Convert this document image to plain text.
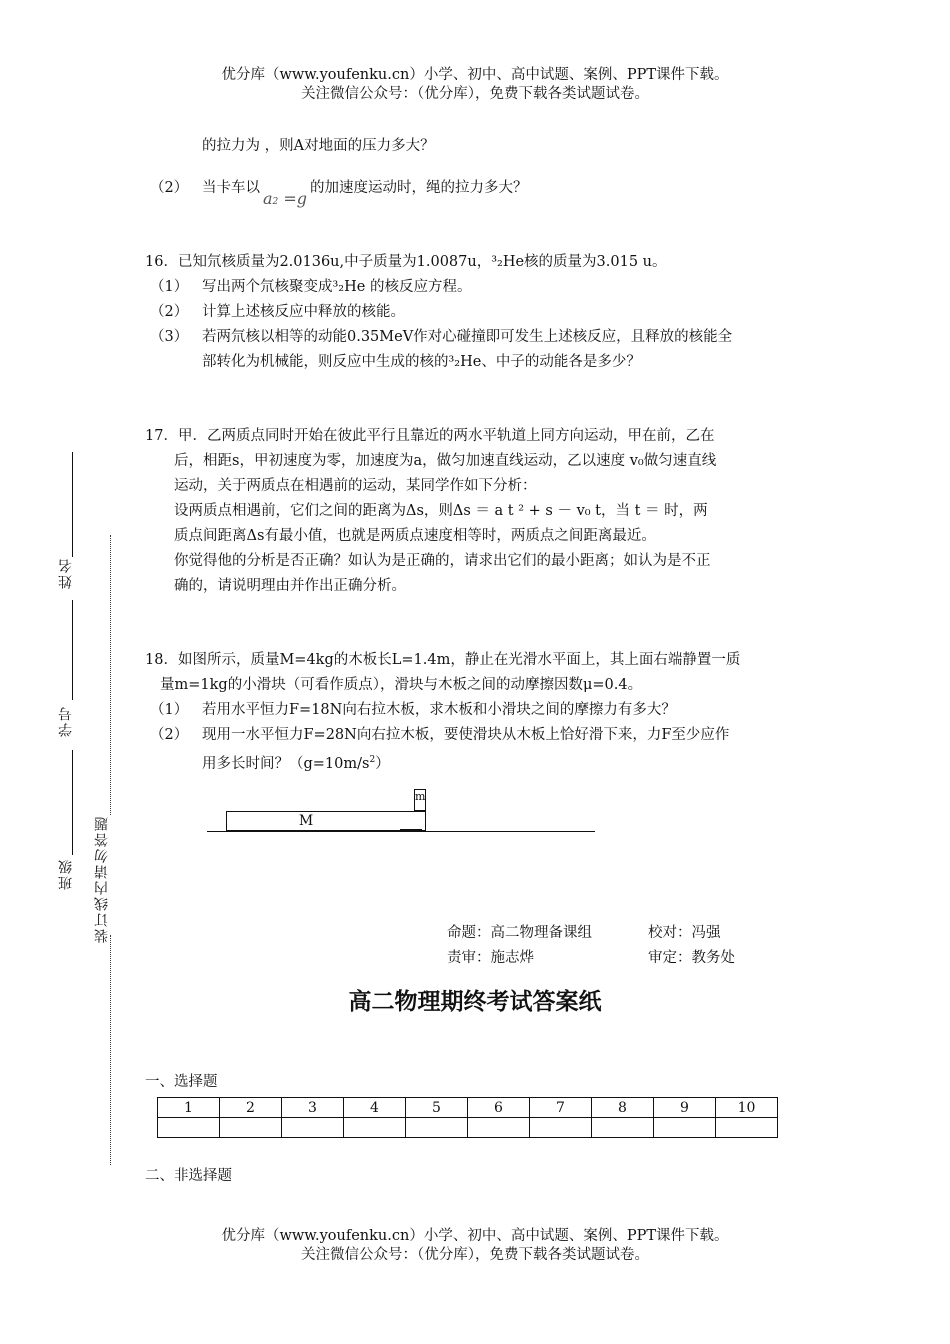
优分库（www.youfenku.cn）小学、初中、高中试题、案例、PPT课件下载。
关注微信公众号：（优分库），免费下载各类试题试卷。
的拉力为 ，则A对地面的压力多大？
（2） 当卡车以a2 =g的加速度运动时，绳的拉力多大？
16．已知氘核质量为2.0136u,中子质量为1.0087u，³₂He核的质量为3.015 u。
（1） 写出两个氘核聚变成³₂He 的核反应方程。
（2） 计算上述核反应中释放的核能。
（3） 若两氘核以相等的动能0.35MeV作对心碰撞即可发生上述核反应，且释放的核能全
部转化为机械能，则反应中生成的核的³₂He、中子的动能各是多少？
17．甲．乙两质点同时开始在彼此平行且靠近的两水平轨道上同方向运动，甲在前，乙在
后，相距s，甲初速度为零，加速度为a，做匀加速直线运动，乙以速度 v₀做匀速直线
运动，关于两质点在相遇前的运动，某同学作如下分析：
设两质点相遇前，它们之间的距离为Δs，则Δs ＝ a t ² + s － v₀ t，当 t ＝ 时，两
质点间距离Δs有最小值，也就是两质点速度相等时，两质点之间距离最近。
你觉得他的分析是否正确？如认为是正确的，请求出它们的最小距离；如认为是不正
确的，请说明理由并作出正确分析。
18．如图所示，质量M=4kg的木板长L=1.4m，静止在光滑水平面上，其上面右端静置一质
量m=1kg的小滑块（可看作质点），滑块与木板之间的动摩擦因数μ=0.4。
（1） 若用水平恒力F=18N向右拉木板，求木板和小滑块之间的摩擦力有多大？
（2） 现用一水平恒力F=28N向右拉木板，要使滑块从木板上恰好滑下来，力F至少应作
用多长时间？$(g=10m/s^2)$
M
m
姓名
学号
班级 装订线内请勿答题	命题：高二物理备课组	校对：冯强
责审：施志烨	审定：教务处
高二物理期终考试答案纸
一、选择题
1	2	3	4	5	6	7	8	9	10

二、非选择题
优分库（www.youfenku.cn）小学、初中、高中试题、案例、PPT课件下载。
关注微信公众号：（优分库），免费下载各类试题试卷。
